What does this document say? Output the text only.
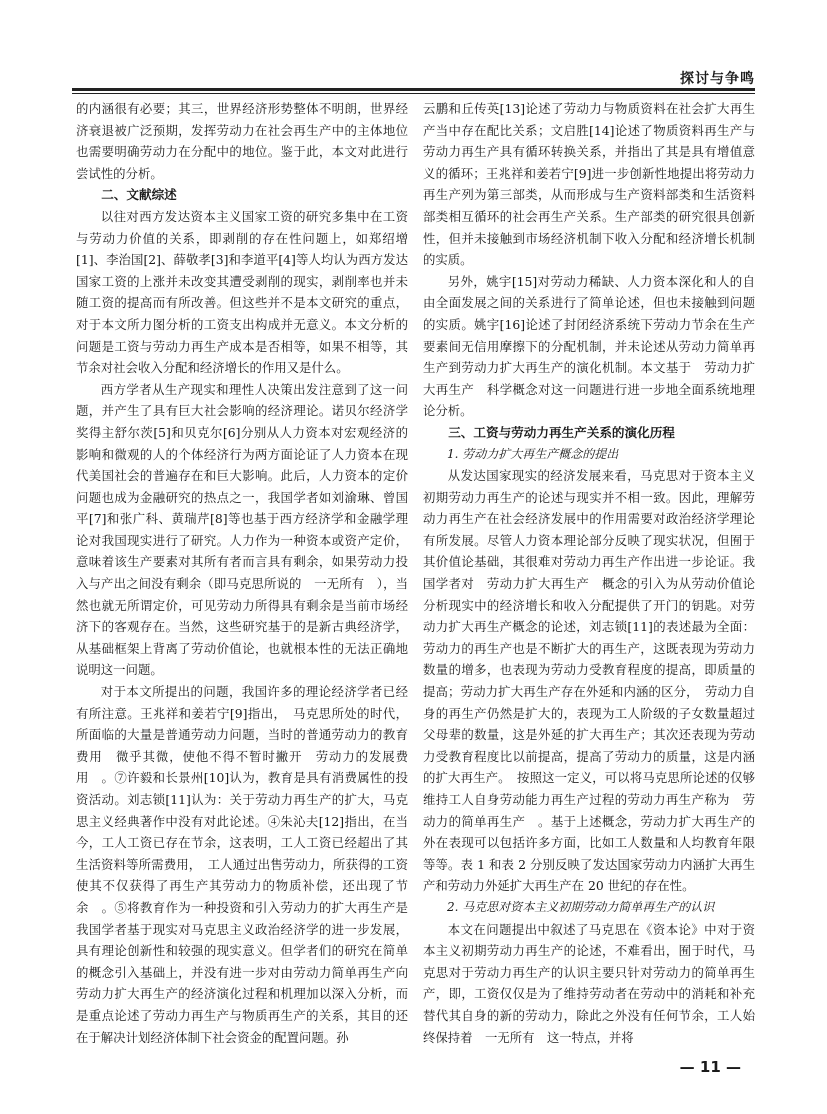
探讨与争鸣

的内涵很有必要；其三，世界经济形势整体不明朗，世界经济衰退被广泛预期，发挥劳动力在社会再生产中的主体地位也需要明确劳动力在分配中的地位。鉴于此，本文对此进行尝试性的分析。

二、文献综述

以往对西方发达资本主义国家工资的研究多集中在工资与劳动力价值的关系，即剥削的存在性问题上，如郑绍增[1]、李治国[2]、薛敬孝[3]和李道平[4]等人均认为西方发达国家工资的上涨并未改变其遭受剥削的现实，剥削率也并未随工资的提高而有所改善。但这些并不是本文研究的重点，对于本文所力图分析的工资支出构成并无意义。本文分析的问题是工资与劳动力再生产成本是否相等，如果不相等，其节余对社会收入分配和经济增长的作用又是什么。

西方学者从生产现实和理性人决策出发注意到了这一问题，并产生了具有巨大社会影响的经济理论。诺贝尔经济学奖得主舒尔茨[5]和贝克尔[6]分别从人力资本对宏观经济的影响和微观的人的个体经济行为两方面论证了人力资本在现代美国社会的普遍存在和巨大影响。此后，人力资本的定价问题也成为金融研究的热点之一，我国学者如刘渝琳、曾国平[7]和张广科、黄瑞芹[8]等也基于西方经济学和金融学理论对我国现实进行了研究。人力作为一种资本或资产定价，意味着该生产要素对其所有者而言具有剩余，如果劳动力投入与产出之间没有剩余（即马克思所说的　一无所有　），当然也就无所谓定价，可见劳动力所得具有剩余是当前市场经济下的客观存在。当然，这些研究基于的是新古典经济学，从基础框架上背离了劳动价值论，也就根本性的无法正确地说明这一问题。

对于本文所提出的问题，我国许多的理论经济学者已经有所注意。王兆祥和姜若宁[9]指出，　马克思所处的时代，所面临的大量是普通劳动力问题，当时的普通劳动力的教育费用　微乎其微，使他不得不暂时撇开　劳动力的发展费用　。⑦许毅和长景州[10]认为，教育是具有消费属性的投资活动。刘志锁[11]认为：关于劳动力再生产的扩大，马克思主义经典著作中没有对此论述。④朱沁夫[12]指出，在当今，工人工资已存在节余，这表明，工人工资已经超出了其生活资料等所需费用，　工人通过出售劳动力，所获得的工资使其不仅获得了再生产其劳动力的物质补偿，还出现了节余　。⑤将教育作为一种投资和引入劳动力的扩大再生产是我国学者基于现实对马克思主义政治经济学的进一步发展，具有理论创新性和较强的现实意义。但学者们的研究在简单的概念引入基础上，并没有进一步对由劳动力简单再生产向劳动力扩大再生产的经济演化过程和机理加以深入分析，而是重点论述了劳动力再生产与物质再生产的关系，其目的还在于解决计划经济体制下社会资金的配置问题。孙

云鹏和丘传英[13]论述了劳动力与物质资料在社会扩大再生产当中存在配比关系；文启胜[14]论述了物质资料再生产与劳动力再生产具有循环转换关系，并指出了其是具有增值意义的循环；王兆祥和姜若宁[9]进一步创新性地提出将劳动力再生产列为第三部类，从而形成与生产资料部类和生活资料部类相互循环的社会再生产关系。生产部类的研究很具创新性，但并未接触到市场经济机制下收入分配和经济增长机制的实质。

另外，姚宇[15]对劳动力稀缺、人力资本深化和人的自由全面发展之间的关系进行了简单论述，但也未接触到问题的实质。姚宇[16]论述了封闭经济系统下劳动力节余在生产要素间无信用摩擦下的分配机制，并未论述从劳动力简单再生产到劳动力扩大再生产的演化机制。本文基于　劳动力扩大再生产　科学概念对这一问题进行进一步地全面系统地理论分析。

三、工资与劳动力再生产关系的演化历程
1. 劳动力扩大再生产概念的提出

从发达国家现实的经济发展来看，马克思对于资本主义初期劳动力再生产的论述与现实并不相一致。因此，理解劳动力再生产在社会经济发展中的作用需要对政治经济学理论有所发展。尽管人力资本理论部分反映了现实状况，但囿于其价值论基础，其很难对劳动力再生产作出进一步论证。我国学者对　劳动力扩大再生产　概念的引入为从劳动价值论分析现实中的经济增长和收入分配提供了开门的钥匙。对劳动力扩大再生产概念的论述，刘志锁[11]的表述最为全面：劳动力的再生产也是不断扩大的再生产，这既表现为劳动力数量的增多，也表现为劳动力受教育程度的提高，即质量的提高；劳动力扩大再生产存在外延和内涵的区分，　劳动力自身的再生产仍然是扩大的，表现为工人阶级的子女数量超过父母辈的数量，这是外延的扩大再生产；其次还表现为劳动力受教育程度比以前提高，提高了劳动力的质量，这是内涵的扩大再生产。　按照这一定义，可以将马克思所论述的仅够维持工人自身劳动能力再生产过程的劳动力再生产称为　劳动力的简单再生产　。基于上述概念，劳动力扩大再生产的外在表现可以包括许多方面，比如工人数量和人均教育年限等等。表 1 和表 2 分别反映了发达国家劳动力内涵扩大再生产和劳动力外延扩大再生产在 20 世纪的存在性。

2. 马克思对资本主义初期劳动力简单再生产的认识

本文在问题提出中叙述了马克思在《资本论》中对于资本主义初期劳动力再生产的论述，不难看出，囿于时代，马克思对于劳动力再生产的认识主要只针对劳动力的简单再生产，即，工资仅仅是为了维持劳动者在劳动中的消耗和补充替代其自身的新的劳动力，除此之外没有任何节余，工人始终保持着　一无所有　这一特点，并将

— 11 —
